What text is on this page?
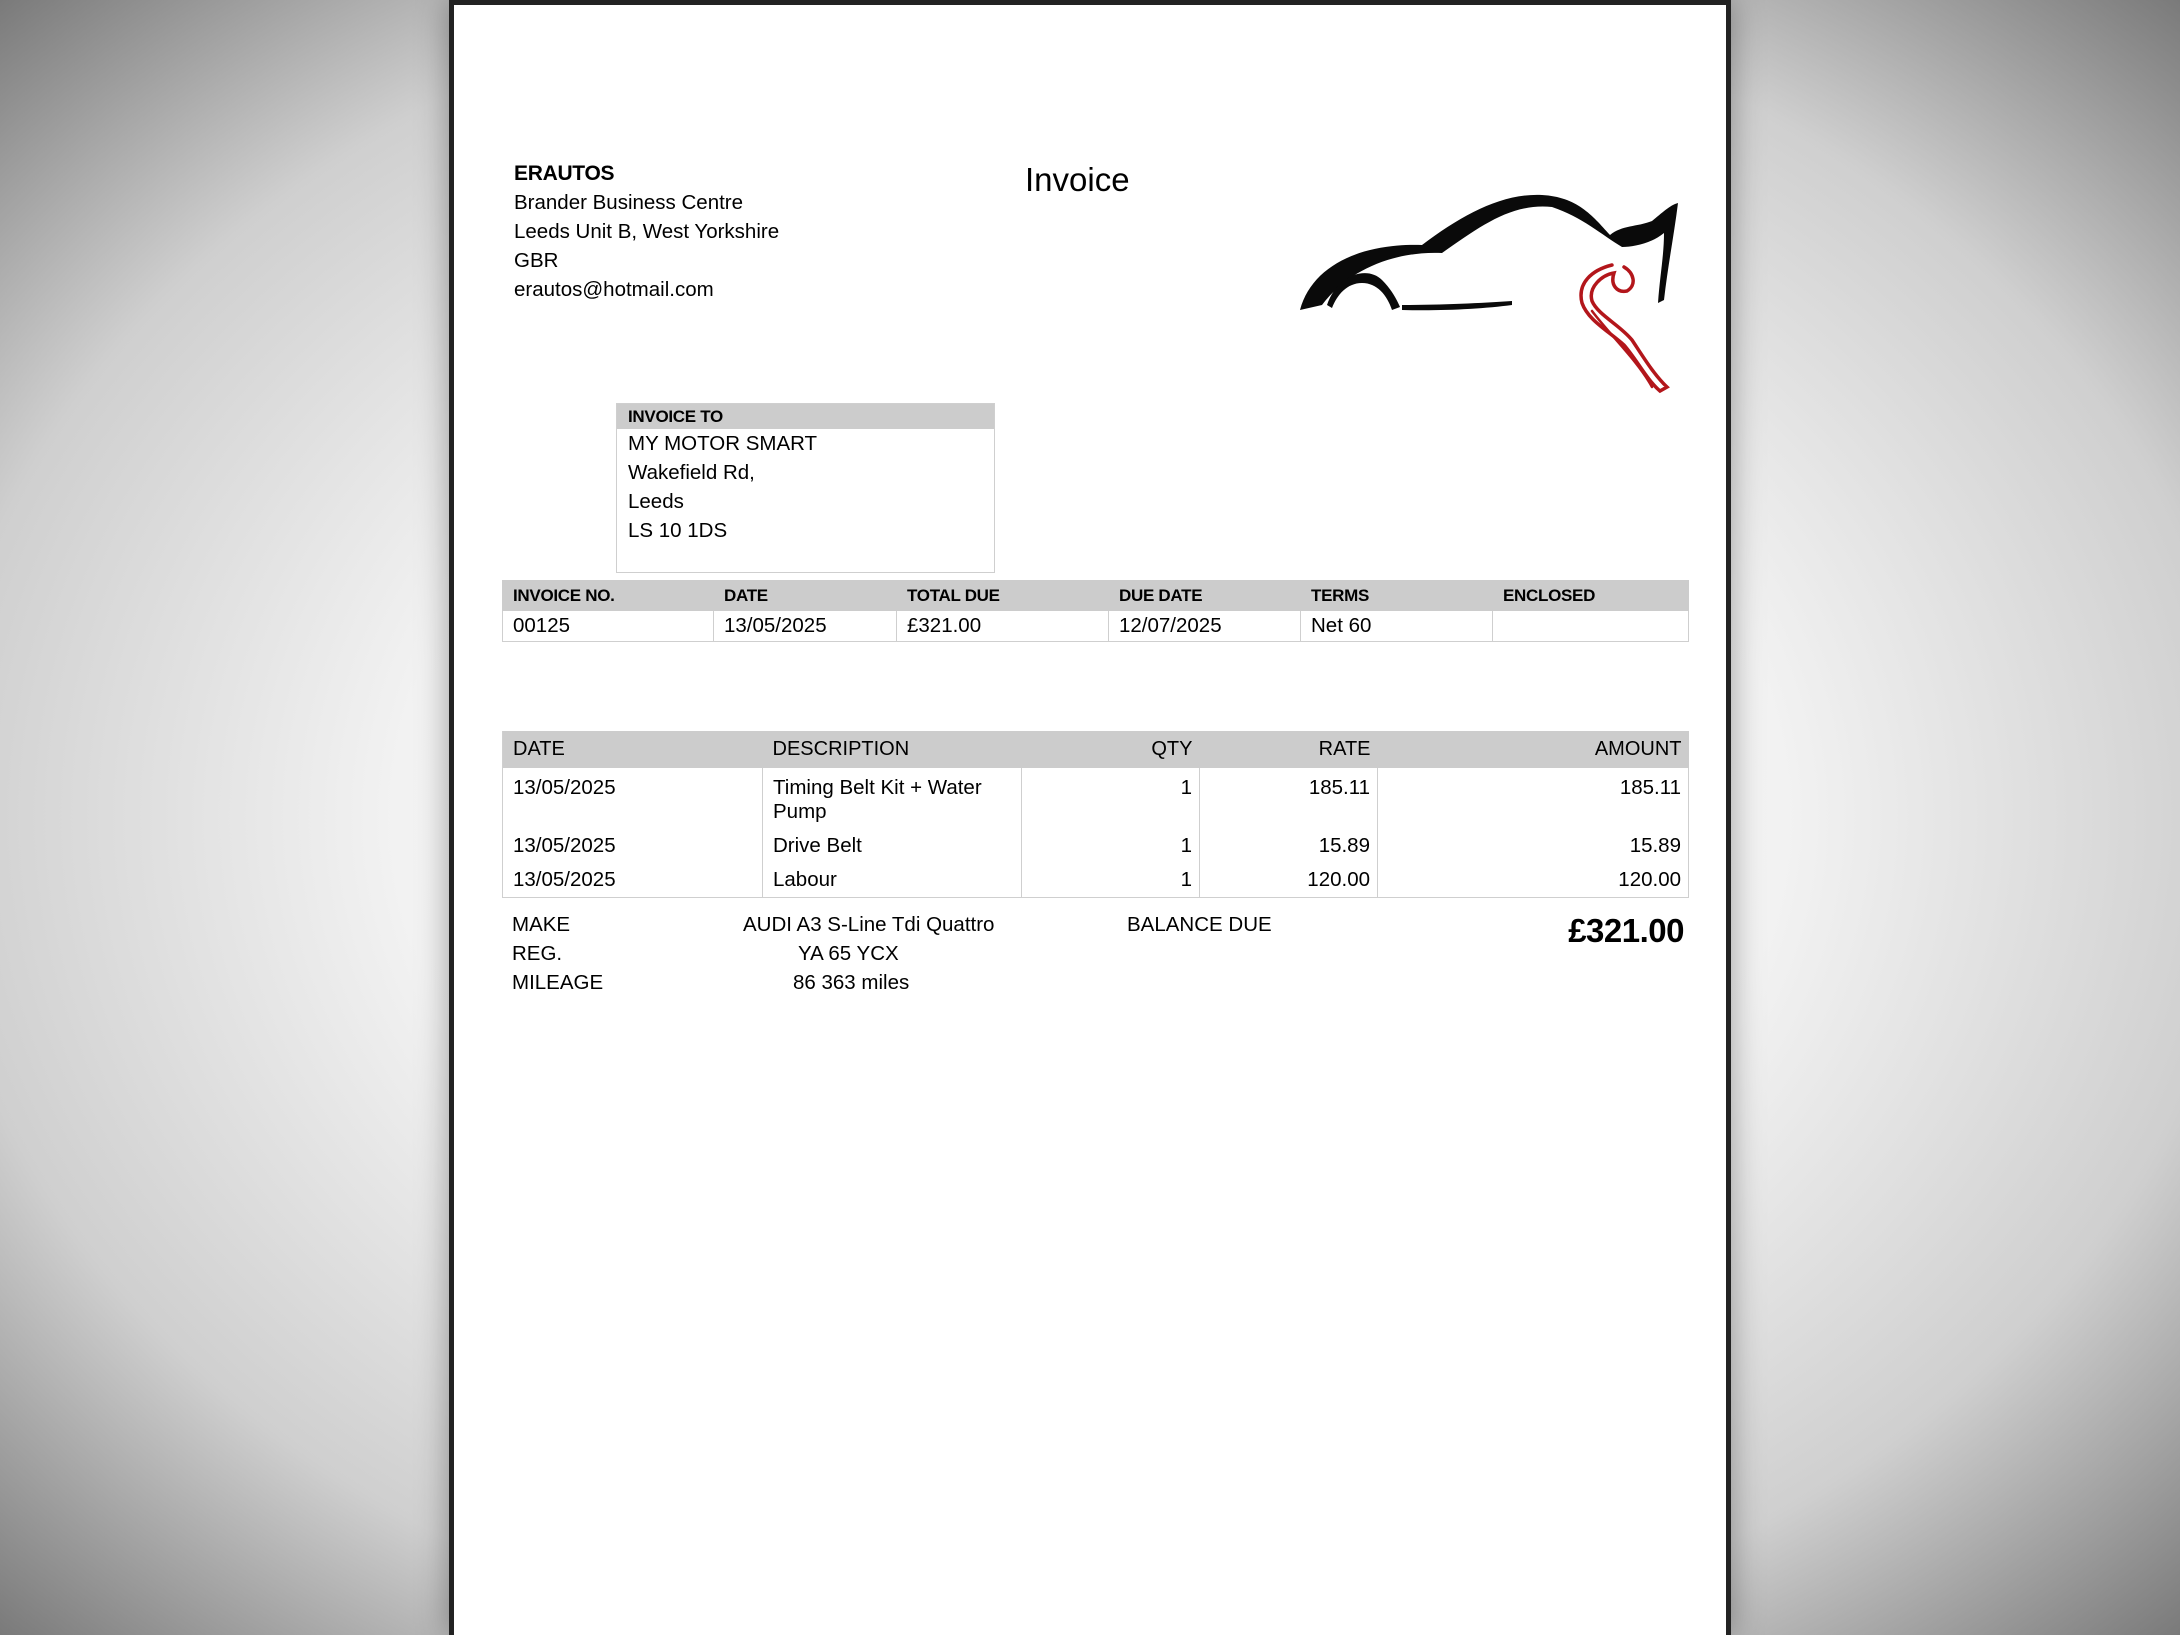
ERAUTOS
Brander Business Centre
Leeds Unit B, West Yorkshire
GBR
erautos@hotmail.com
Invoice
INVOICE TO
MY MOTOR SMART
Wakefield Rd,
Leeds
LS 10 1DS
INVOICE NO.	DATE	TOTAL DUE	DUE DATE	TERMS	ENCLOSED
00125	13/05/2025	£321.00	12/07/2025	Net 60	
DATE	DESCRIPTION	QTY	RATE	AMOUNT
13/05/2025	Timing Belt Kit + Water Pump	1	185.11	185.11
13/05/2025	Drive Belt	1	15.89	15.89
13/05/2025	Labour	1	120.00	120.00
MAKE	AUDI A3 S-Line Tdi Quattro
REG.	YA 65 YCX
MILEAGE	86 363 miles
BALANCE DUE	£321.00
